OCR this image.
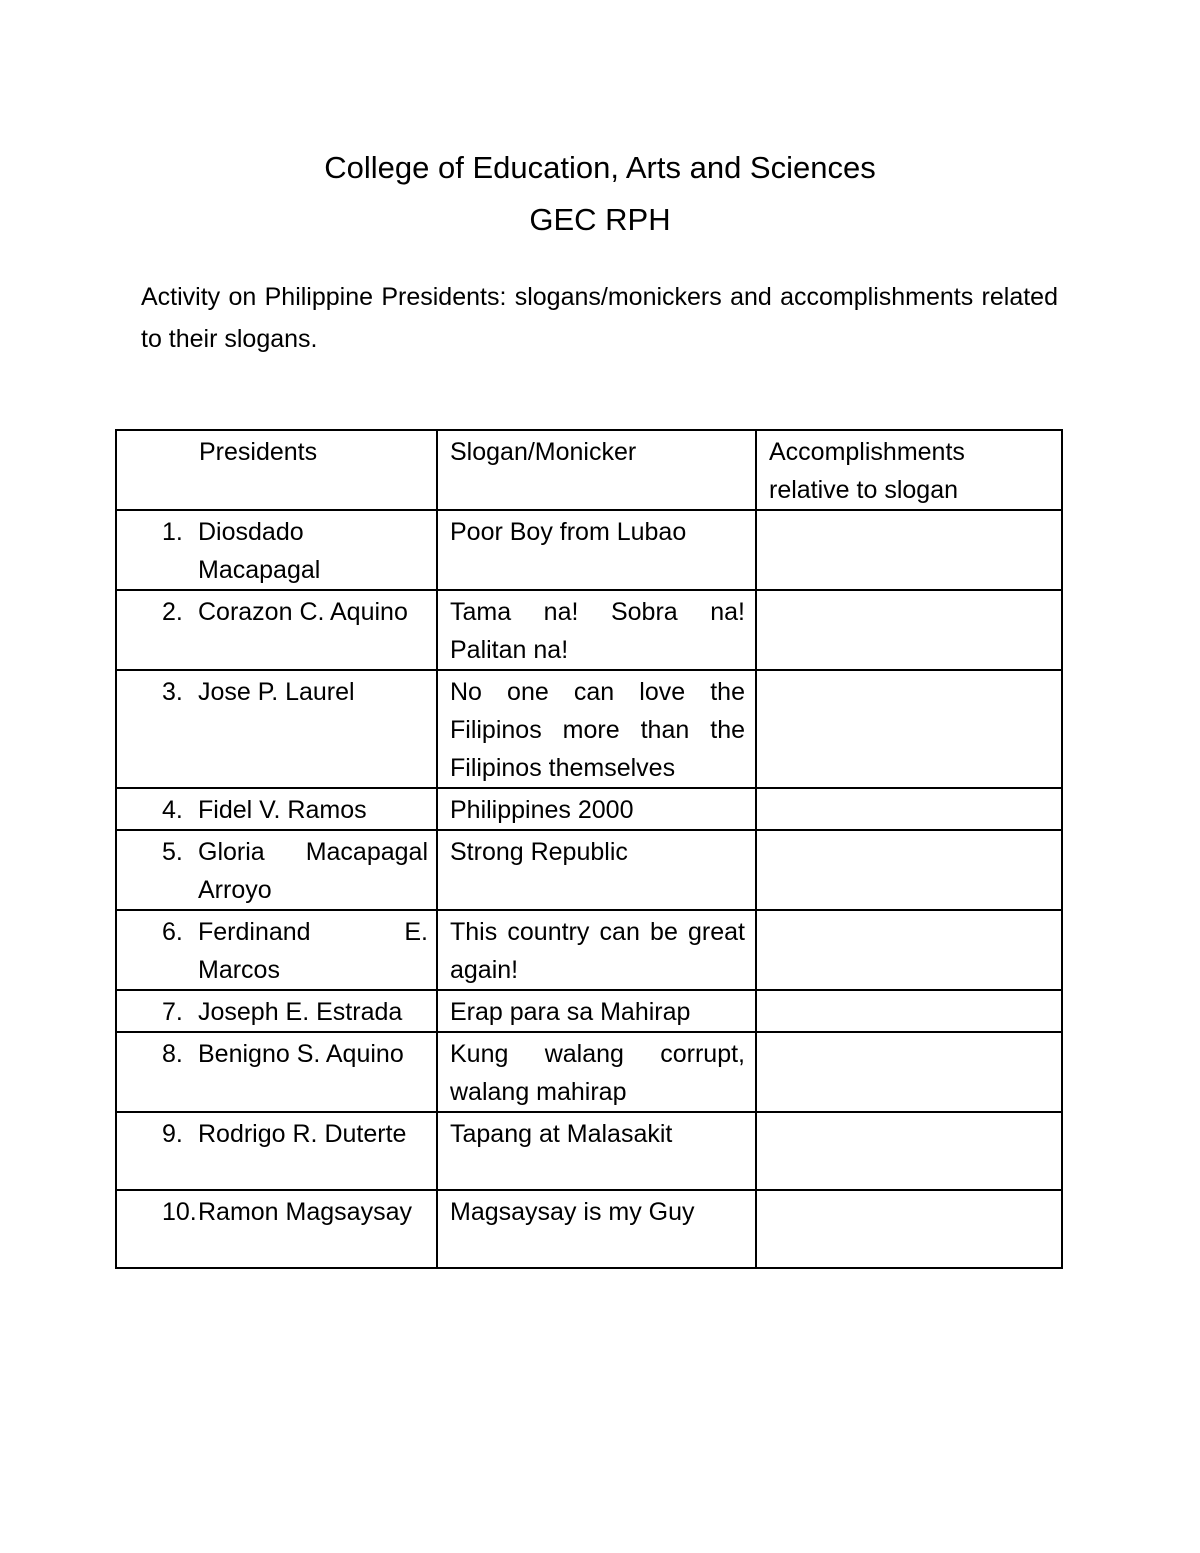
College of Education, Arts and Sciences
GEC RPH
Activity on Philippine Presidents: slogans/monickers and accomplishments related to their slogans.
Presidents	Slogan/Monicker	Accomplishments relative to slogan

1. Diosdado Macapagal	Poor Boy from Lubao	

2. Corazon C. Aquino	Tama na! Sobra na! Palitan na!	

3. Jose P. Laurel	No one can love the Filipinos more than the Filipinos themselves	

4. Fidel V. Ramos	Philippines 2000	

5. Gloria Macapagal Arroyo	Strong Republic	

6. Ferdinand E. Marcos	This country can be great again!	

7. Joseph E. Estrada	Erap para sa Mahirap	

8. Benigno S. Aquino	Kung walang corrupt, walang mahirap	

9. Rodrigo R. Duterte	Tapang at Malasakit	

10. Ramon Magsaysay	Magsaysay is my Guy	
